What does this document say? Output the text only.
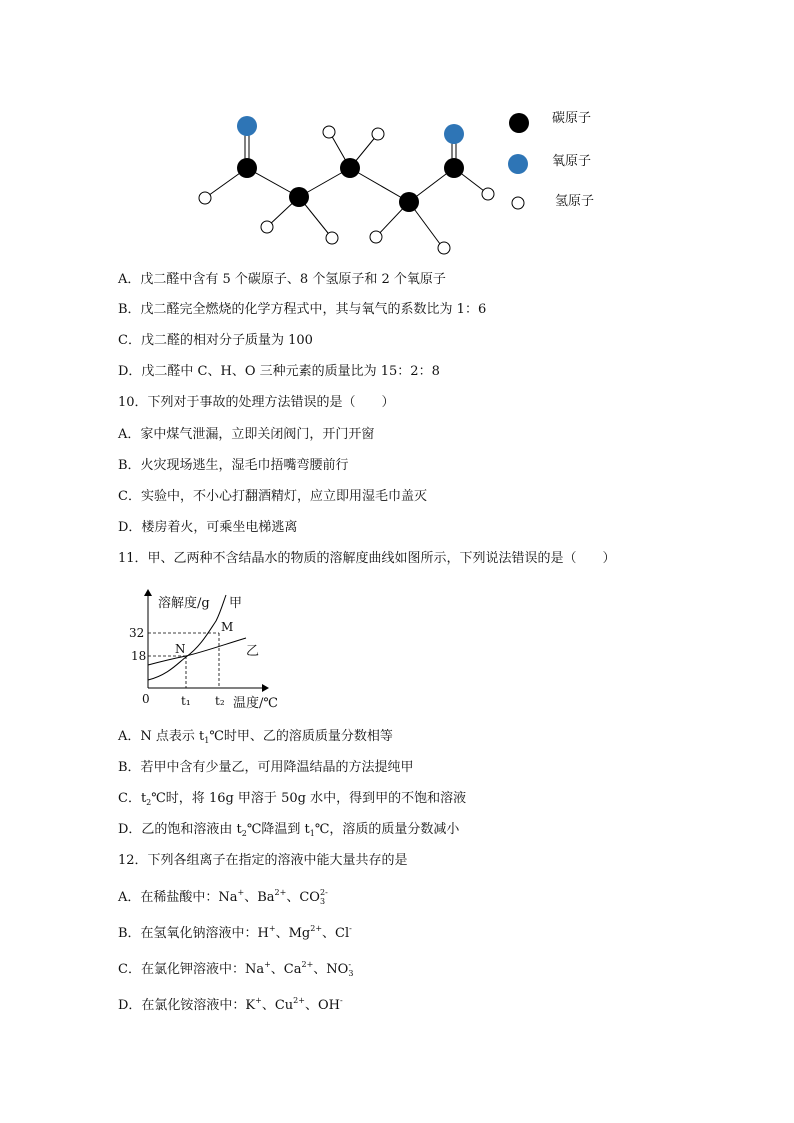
碳原子
氧原子
氢原子
A．戊二醛中含有 5 个碳原子、8 个氢原子和 2 个氧原子
B．戊二醛完全燃烧的化学方程式中，其与氧气的系数比为 1：6
C．戊二醛的相对分子质量为 100
D．戊二醛中 C、H、O 三种元素的质量比为 15：2：8
10．下列对于事故的处理方法错误的是（　　）
A．家中煤气泄漏，立即关闭阀门，开门开窗
B．火灾现场逃生，湿毛巾捂嘴弯腰前行
C．实验中，不小心打翻酒精灯，应立即用湿毛巾盖灭
D．楼房着火，可乘坐电梯逃离
11．甲、乙两种不含结晶水的物质的溶解度曲线如图所示，下列说法错误的是（　　）
溶解度/g 甲
乙
M
N
32
18
0	t₁ t₂ 温度/℃
A．N 点表示 $t_1℃$时甲、乙的溶质质量分数相等
B．若甲中含有少量乙，可用降温结晶的方法提纯甲
C．$t_2℃$时，将 16g 甲溶于 50g 水中，得到甲的不饱和溶液
D．乙的饱和溶液由 $t_2℃$降温到 $t_1℃$，溶质的质量分数减小
12．下列各组离子在指定的溶液中能大量共存的是
A．在稀盐酸中：Na+、$Ba^{2+}$、$CO_3^{2-}$
B．在氢氧化钠溶液中：H+、$Mg^{2+}$、Cl-
C．在氯化钾溶液中：Na+、$Ca^{2+}$、$NO_3^-$
D．在氯化铵溶液中：K+、$Cu^{2+}$、OH-
